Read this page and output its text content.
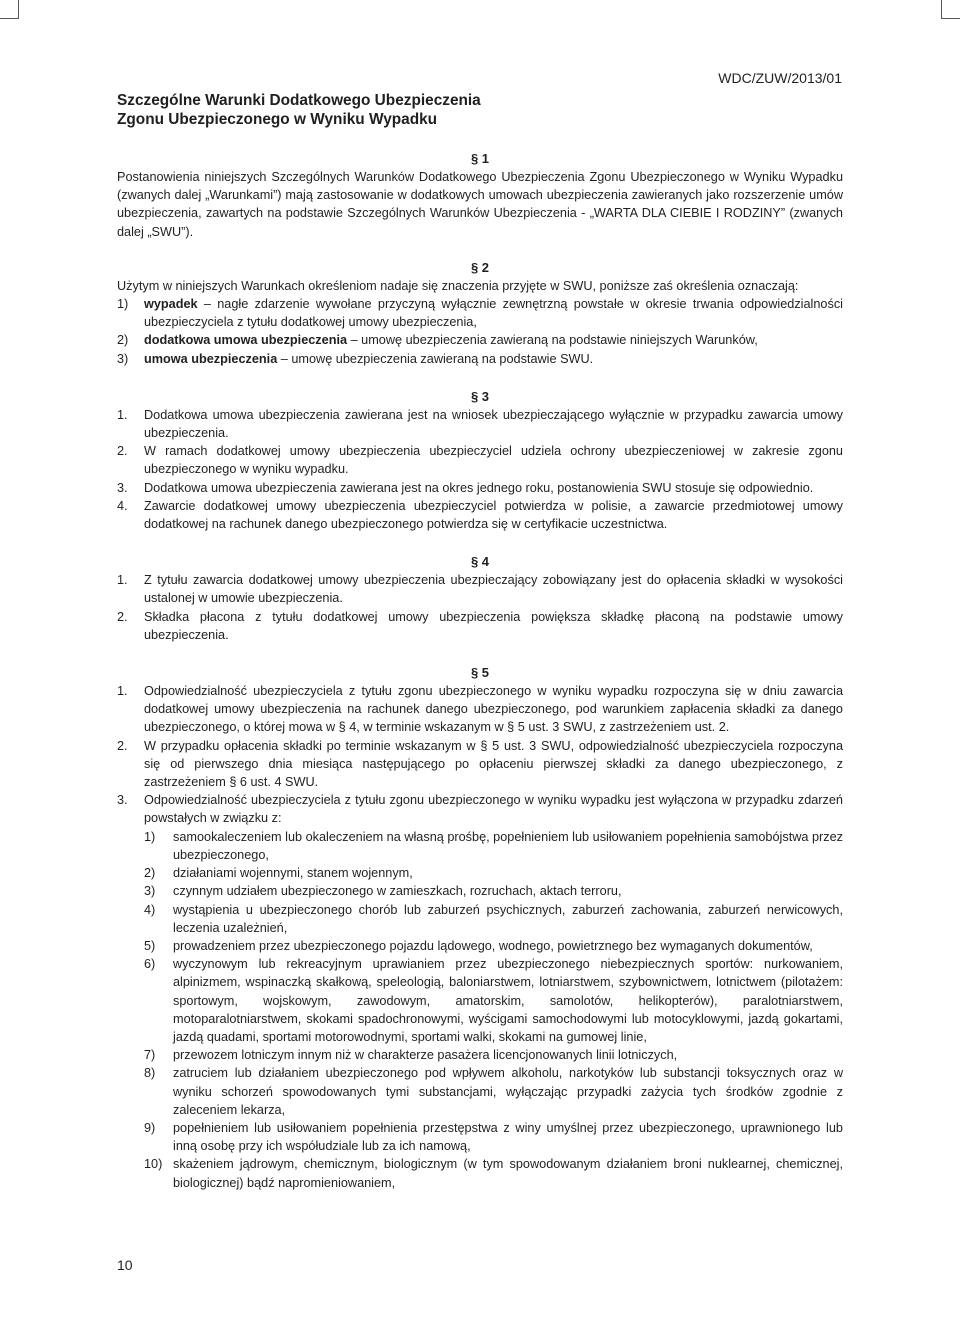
WDC/ZUW/2013/01
Szczególne Warunki Dodatkowego Ubezpieczenia
Zgonu Ubezpieczonego w Wyniku Wypadku
§ 1

Postanowienia niniejszych Szczególnych Warunków Dodatkowego Ubezpieczenia Zgonu Ubezpieczonego w Wyniku Wypadku (zwanych dalej „Warunkami”) mają zastosowanie w dodatkowych umowach ubezpieczenia zawieranych jako rozszerzenie umów ubezpieczenia, zawartych na podstawie Szczególnych Warunków Ubezpieczenia - „WARTA DLA CIEBIE I RODZINY” (zwanych dalej „SWU”).

§ 2

Użytym w niniejszych Warunkach określeniom nadaje się znaczenia przyjęte w SWU, poniższe zaś określenia oznaczają:

1) wypadek – nagłe zdarzenie wywołane przyczyną wyłącznie zewnętrzną powstałe w okresie trwania odpowiedzialności ubezpieczyciela z tytułu dodatkowej umowy ubezpieczenia,
2) dodatkowa umowa ubezpieczenia – umowę ubezpieczenia zawieraną na podstawie niniejszych Warunków,
3) umowa ubezpieczenia – umowę ubezpieczenia zawieraną na podstawie SWU.
§ 3
1. Dodatkowa umowa ubezpieczenia zawierana jest na wniosek ubezpieczającego wyłącznie w przypadku zawarcia umowy ubezpieczenia.
2. W ramach dodatkowej umowy ubezpieczenia ubezpieczyciel udziela ochrony ubezpieczeniowej w zakresie zgonu ubezpieczonego w wyniku wypadku.
3. Dodatkowa umowa ubezpieczenia zawierana jest na okres jednego roku, postanowienia SWU stosuje się odpowiednio.
4. Zawarcie dodatkowej umowy ubezpieczenia ubezpieczyciel potwierdza w polisie, a zawarcie przedmiotowej umowy dodatkowej na rachunek danego ubezpieczonego potwierdza się w certyfikacie uczestnictwa.
§ 4
1. Z tytułu zawarcia dodatkowej umowy ubezpieczenia ubezpieczający zobowiązany jest do opłacenia składki w wysokości ustalonej w umowie ubezpieczenia.
2. Składka płacona z tytułu dodatkowej umowy ubezpieczenia powiększa składkę płaconą na podstawie umowy ubezpieczenia.
§ 5
1. Odpowiedzialność ubezpieczyciela z tytułu zgonu ubezpieczonego w wyniku wypadku rozpoczyna się w dniu zawarcia dodatkowej umowy ubezpieczenia na rachunek danego ubezpieczonego, pod warunkiem zapłacenia składki za danego ubezpieczonego, o której mowa w § 4, w terminie wskazanym w § 5 ust. 3 SWU, z zastrzeżeniem ust. 2.
2. W przypadku opłacenia składki po terminie wskazanym w § 5 ust. 3 SWU, odpowiedzialność ubezpieczyciela rozpoczyna się od pierwszego dnia miesiąca następującego po opłaceniu pierwszej składki za danego ubezpieczonego, z zastrzeżeniem § 6 ust. 4 SWU.
3. Odpowiedzialność ubezpieczyciela z tytułu zgonu ubezpieczonego w wyniku wypadku jest wyłączona w przypadku zdarzeń powstałych w związku z:
1) samookaleczeniem lub okaleczeniem na własną prośbę, popełnieniem lub usiłowaniem popełnienia samobójstwa przez ubezpieczonego,
2) działaniami wojennymi, stanem wojennym,
3) czynnym udziałem ubezpieczonego w zamieszkach, rozruchach, aktach terroru,
4) wystąpienia u ubezpieczonego chorób lub zaburzeń psychicznych, zaburzeń zachowania, zaburzeń nerwicowych, leczenia uzależnień,
5) prowadzeniem przez ubezpieczonego pojazdu lądowego, wodnego, powietrznego bez wymaganych dokumentów,
6) wyczynowym lub rekreacyjnym uprawianiem przez ubezpieczonego niebezpiecznych sportów: nurkowaniem, alpinizmem, wspinaczką skałkową, speleologią, baloniarstwem, lotniarstwem, szybownictwem, lotnictwem (pilotażem: sportowym, wojskowym, zawodowym, amatorskim, samolotów, helikopterów), paralotniarstwem, motoparalotniarstwem, skokami spadochronowymi, wyścigami samochodowymi lub motocyklowymi, jazdą gokartami, jazdą quadami, sportami motorowodnymi, sportami walki, skokami na gumowej linie,
7) przewozem lotniczym innym niż w charakterze pasażera licencjonowanych linii lotniczych,
8) zatruciem lub działaniem ubezpieczonego pod wpływem alkoholu, narkotyków lub substancji toksycznych oraz w wyniku schorzeń spowodowanych tymi substancjami, wyłączając przypadki zażycia tych środków zgodnie z zaleceniem lekarza,
9) popełnieniem lub usiłowaniem popełnienia przestępstwa z winy umyślnej przez ubezpieczonego, uprawnionego lub inną osobę przy ich współudziale lub za ich namową,
10) skażeniem jądrowym, chemicznym, biologicznym (w tym spowodowanym działaniem broni nuklearnej, chemicznej, biologicznej) bądź napromieniowaniem,
10
